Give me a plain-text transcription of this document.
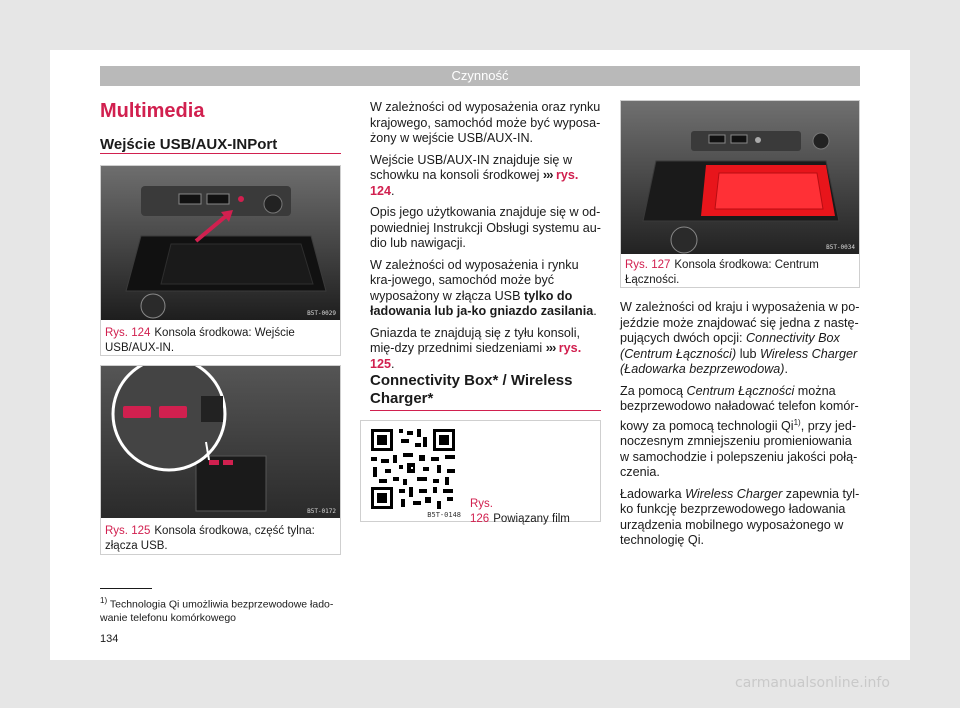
Czynność
Multimedia
Wejście USB/AUX-INPort
B5T-0029
Rys. 124 Konsola środkowa: Wejście USB/AUX-IN.
B5T-0172
Rys. 125 Konsola środkowa, część tylna: złącza USB.

W zależności od wyposażenia oraz rynku krajowego, samochód może być wyposa-żony w wejście USB/AUX-IN.

Wejście USB/AUX-IN znajduje się w schowku na konsoli środkowej ››› rys. 124.

Opis jego użytkowania znajduje się w od-powiedniej Instrukcji Obsługi systemu au-dio lub nawigacji.

W zależności od wyposażenia i rynku kra-jowego, samochód może być wyposażony w złącza USB tylko do ładowania lub ja-ko gniazdo zasilania.

Gniazda te znajdują się z tyłu konsoli, mię-dzy przednimi siedzeniami ››› rys. 125.

Connectivity Box* / Wireless Charger*
B5T-0148
Rys. 126 Powiązany film
B5T-0034
Rys. 127 Konsola środkowa: Centrum Łączności.

W zależności od kraju i wyposażenia w po-jeździe może znajdować się jedna z nastę-pujących dwóch opcji: Connectivity Box (Centrum Łączności) lub Wireless Charger (Ładowarka bezprzewodowa).

Za pomocą Centrum Łączności można bezprzewodowo naładować telefon komór-kowy za pomocą technologii Qi$^{1)}$, przy jed-noczesnym zmniejszeniu promieniowania w samochodzie i polepszeniu jakości połą-czenia.

Ładowarka Wireless Charger zapewnia tyl-ko funkcję bezprzewodowego ładowania urządzenia mobilnego wyposażonego w technologię Qi.

$^{1)}$ Technologia Qi umożliwia bezprzewodowe łado-wanie telefonu komórkowego
134
carmanualsonline.info
